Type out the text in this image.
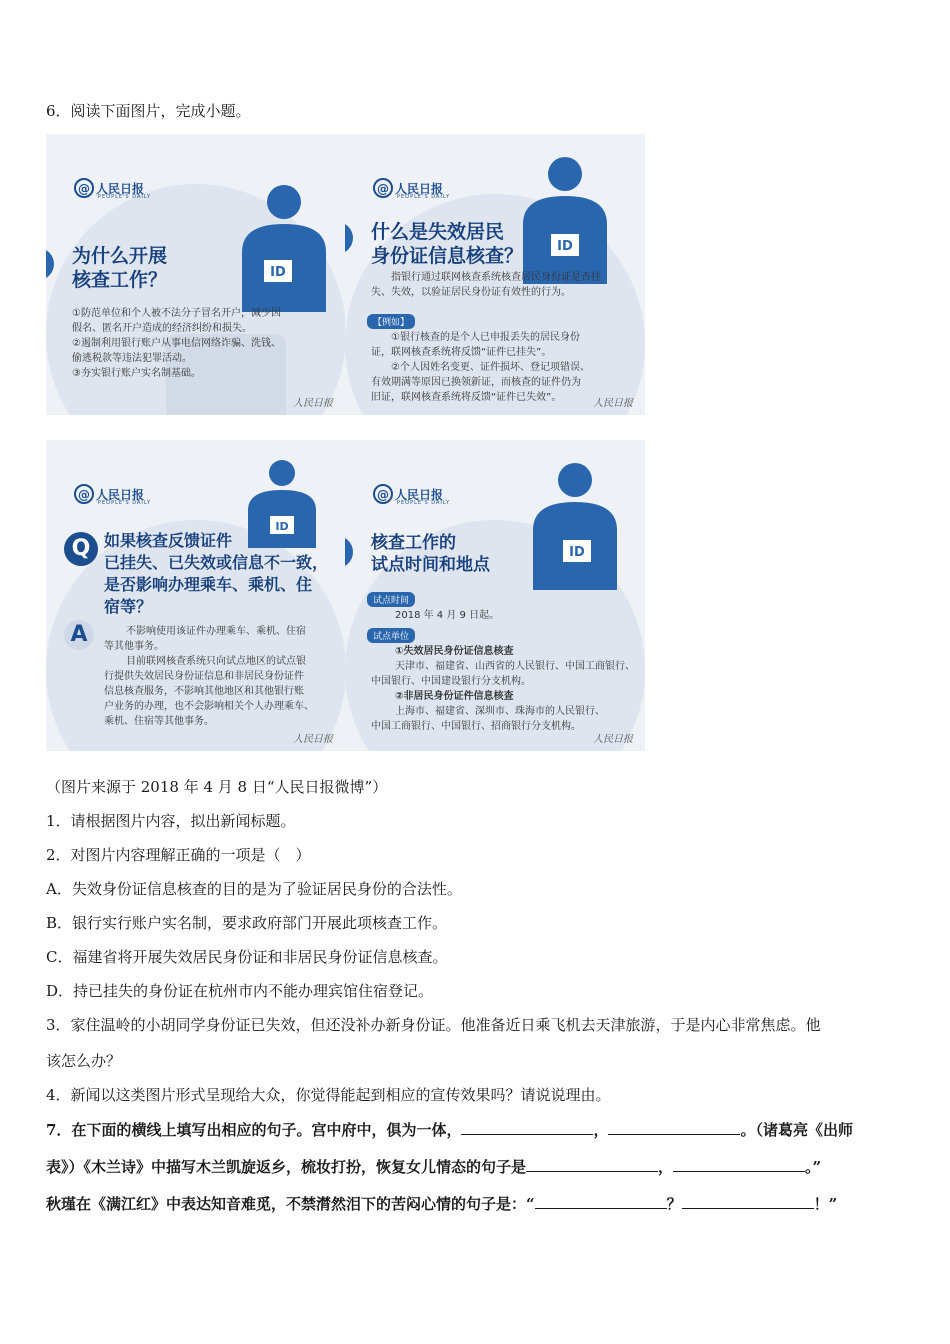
6．阅读下面图片，完成小题。
@ 人民日报
PEOPLE'S DAILY
ID
为什么开展
核查工作？
①防范单位和个人被不法分子冒名开户，减少因
假名、匿名开户造成的经济纠纷和损失。
②遏制利用银行账户从事电信网络诈骗、洗钱、
偷逃税款等违法犯罪活动。
③夯实银行账户实名制基础。
人民日报
@ 人民日报
PEOPLE'S DAILY
ID
什么是失效居民
身份证信息核查？
指银行通过联网核查系统核查居民身份证是否挂
失、失效，以验证居民身份证有效性的行为。
【例如】
①银行核查的是个人已申报丢失的居民身份
证，联网核查系统将反馈“证件已挂失”。
②个人因姓名变更、证件损坏、登记项错误、
有效期满等原因已换领新证，而核查的证件仍为
旧证，联网核查系统将反馈“证件已失效”。
人民日报
@ 人民日报
PEOPLE'S DAILY
ID
Q 如果核查反馈证件
已挂失、已失效或信息不一致，
是否影响办理乘车、乘机、住
宿等？
A	不影响使用该证件办理乘车、乘机、住宿
等其他事务。
目前联网核查系统只向试点地区的试点银
行提供失效居民身份证信息和非居民身份证件
信息核查服务，不影响其他地区和其他银行账
户业务的办理，也不会影响相关个人办理乘车、
乘机、住宿等其他事务。
人民日报
@ 人民日报
PEOPLE'S DAILY
ID
核查工作的
试点时间和地点
试点时间
2018 年 4 月 9 日起。
试点单位
①失效居民身份证信息核查
天津市、福建省、山西省的人民银行、中国工商银行、
中国银行、中国建设银行分支机构。
②非居民身份证件信息核查
上海市、福建省、深圳市、珠海市的人民银行、
中国工商银行、中国银行、招商银行分支机构。
人民日报
（图片来源于 2018 年 4 月 8 日“人民日报微博”）
1．请根据图片内容，拟出新闻标题。
2．对图片内容理解正确的一项是（　）
A．失效身份证信息核查的目的是为了验证居民身份的合法性。
B．银行实行账户实名制，要求政府部门开展此项核查工作。
C．福建省将开展失效居民身份证和非居民身份证信息核查。
D．持已挂失的身份证在杭州市内不能办理宾馆住宿登记。
3．家住温岭的小胡同学身份证已失效，但还没补办新身份证。他准备近日乘飞机去天津旅游，于是内心非常焦虑。他
该怎么办？
4．新闻以这类图片形式呈现给大众，你觉得能起到相应的宣传效果吗？请说说理由。
7．在下面的横线上填写出相应的句子。宫中府中，俱为一体，	，	。（诸葛亮《出师
表》）《木兰诗》中描写木兰凯旋返乡，梳妆打扮，恢复女儿情态的句子是	，	。”
秋瑾在《满江红》中表达知音难觅，不禁潸然泪下的苦闷心情的句子是：“	？	！”
